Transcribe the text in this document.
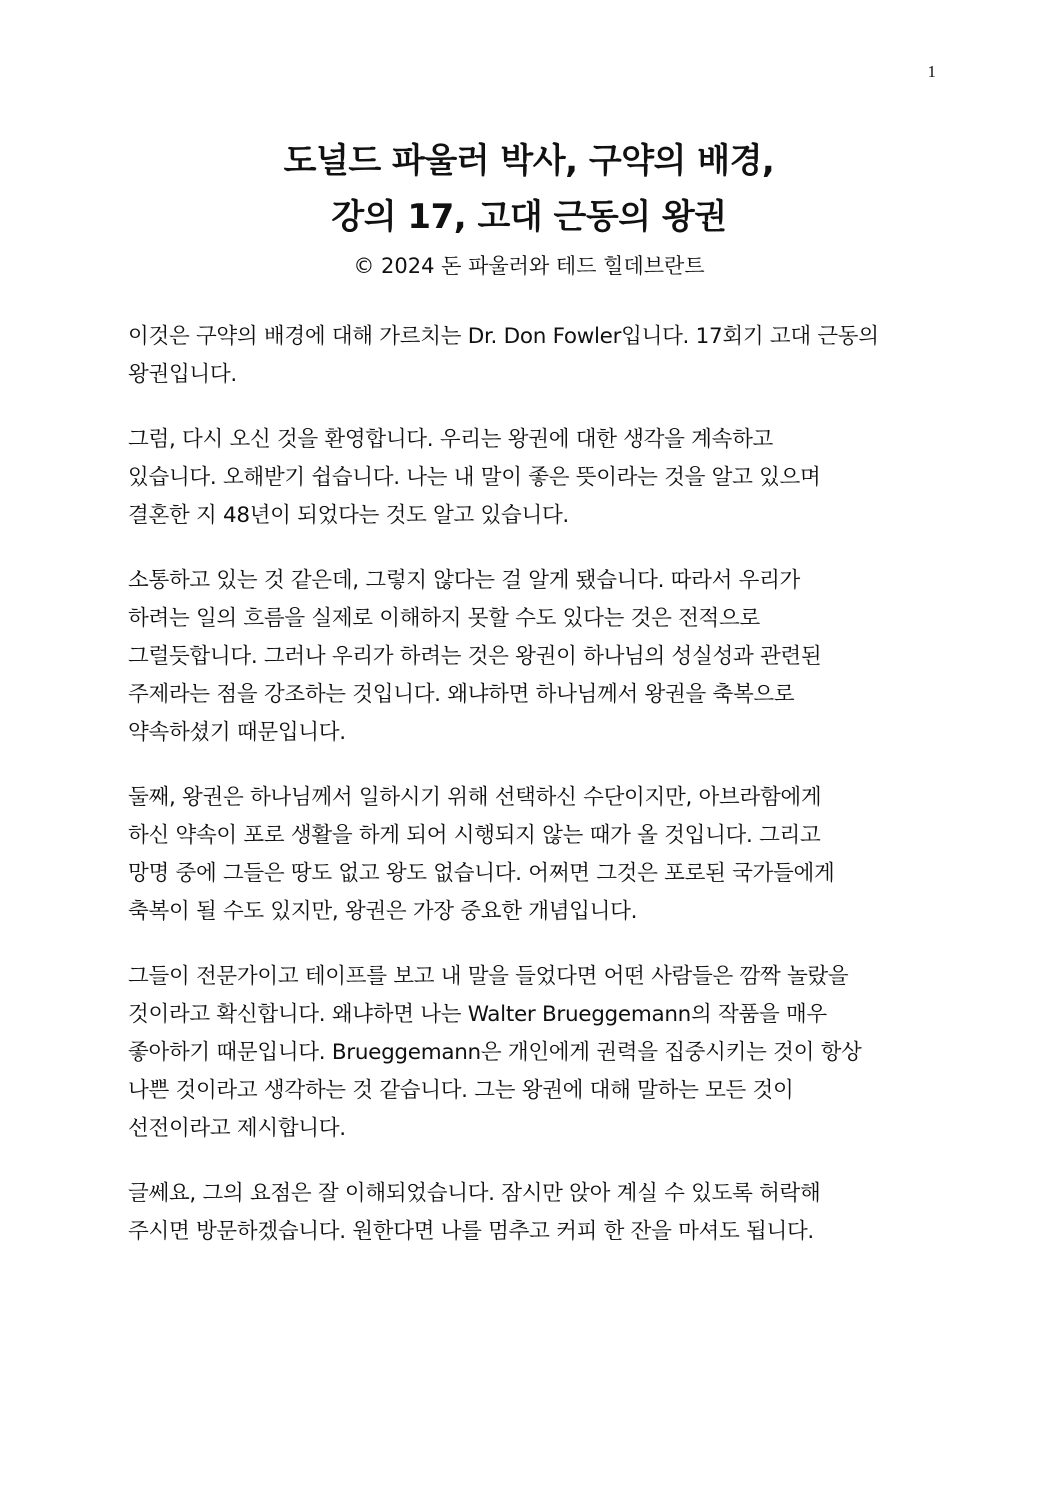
1
도널드 파울러 박사, 구약의 배경,
강의 17, 고대 근동의 왕권
© 2024 돈 파울러와 테드 힐데브란트

이것은 구약의 배경에 대해 가르치는 Dr. Don Fowler입니다. 17회기 고대 근동의
왕권입니다.

그럼, 다시 오신 것을 환영합니다. 우리는 왕권에 대한 생각을 계속하고
있습니다. 오해받기 쉽습니다. 나는 내 말이 좋은 뜻이라는 것을 알고 있으며
결혼한 지 48년이 되었다는 것도 알고 있습니다.

소통하고 있는 것 같은데, 그렇지 않다는 걸 알게 됐습니다. 따라서 우리가
하려는 일의 흐름을 실제로 이해하지 못할 수도 있다는 것은 전적으로
그럴듯합니다. 그러나 우리가 하려는 것은 왕권이 하나님의 성실성과 관련된
주제라는 점을 강조하는 것입니다. 왜냐하면 하나님께서 왕권을 축복으로
약속하셨기 때문입니다.

둘째, 왕권은 하나님께서 일하시기 위해 선택하신 수단이지만, 아브라함에게
하신 약속이 포로 생활을 하게 되어 시행되지 않는 때가 올 것입니다. 그리고
망명 중에 그들은 땅도 없고 왕도 없습니다. 어쩌면 그것은 포로된 국가들에게
축복이 될 수도 있지만, 왕권은 가장 중요한 개념입니다.

그들이 전문가이고 테이프를 보고 내 말을 들었다면 어떤 사람들은 깜짝 놀랐을
것이라고 확신합니다. 왜냐하면 나는 Walter Brueggemann의 작품을 매우
좋아하기 때문입니다. Brueggemann은 개인에게 권력을 집중시키는 것이 항상
나쁜 것이라고 생각하는 것 같습니다. 그는 왕권에 대해 말하는 모든 것이
선전이라고 제시합니다.

글쎄요, 그의 요점은 잘 이해되었습니다. 잠시만 앉아 계실 수 있도록 허락해
주시면 방문하겠습니다. 원한다면 나를 멈추고 커피 한 잔을 마셔도 됩니다.
